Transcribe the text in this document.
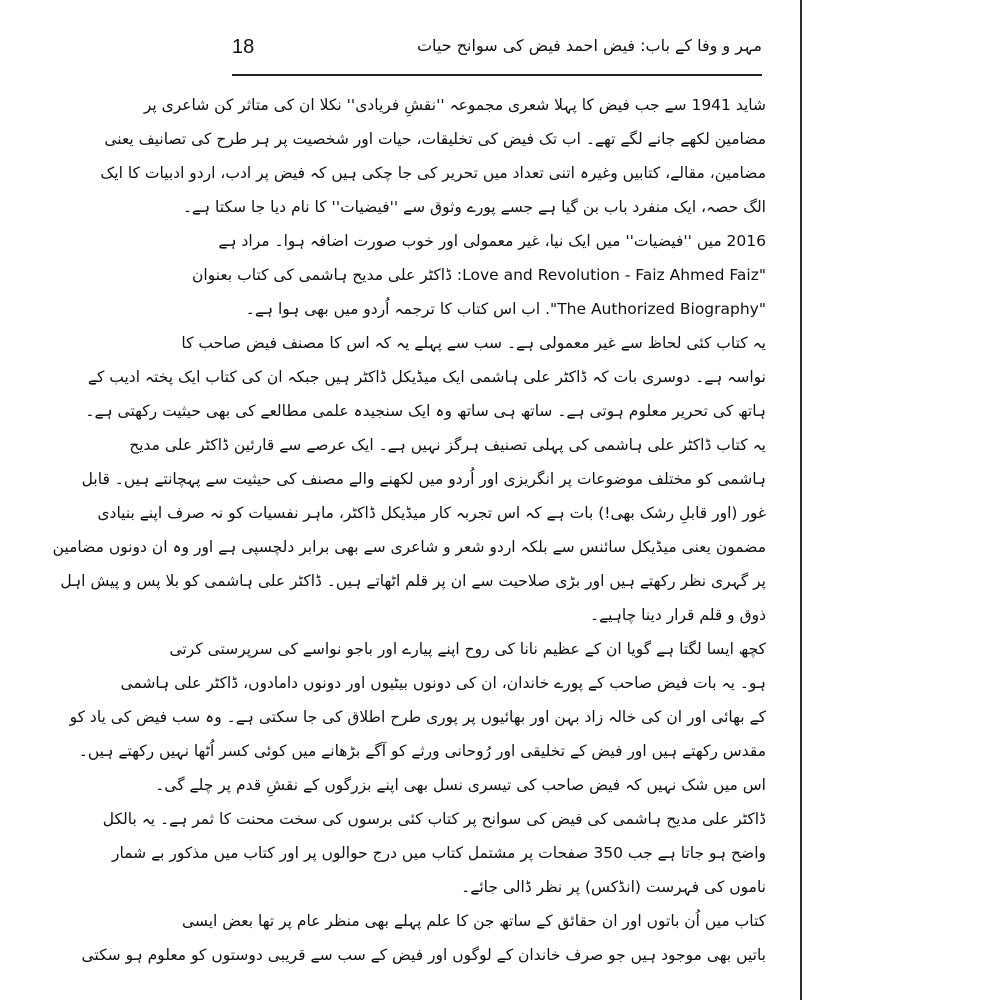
18	مہر و وفا کے باب: فیض احمد فیض کی سوانح حیات
شاید 1941 سے جب فیض کا پہلا شعری مجموعہ ''نقشِ فریادی'' نکلا ان کی متاثر کن شاعری پر
مضامین لکھے جانے لگے تھے۔ اب تک فیض کی تخلیقات، حیات اور شخصیت پر ہر طرح کی تصانیف یعنی
مضامین، مقالے، کتابیں وغیرہ اتنی تعداد میں تحریر کی جا چکی ہیں کہ فیض پر ادب، اردو ادبیات کا ایک
الگ حصہ، ایک منفرد باب بن گیا ہے جسے پورے وثوق سے ''فیضیات'' کا نام دیا جا سکتا ہے۔
2016 میں ''فیضیات'' میں ایک نیا، غیر معمولی اور خوب صورت اضافہ ہوا۔ مراد ہے
"Love and Revolution - Faiz Ahmed Faiz: ڈاکٹر علی مدیح ہاشمی کی کتاب بعنوان
"The Authorized Biography". اب اس کتاب کا ترجمہ اُردو میں بھی ہوا ہے۔
یہ کتاب کئی لحاظ سے غیر معمولی ہے۔ سب سے پہلے یہ کہ اس کا مصنف فیض صاحب کا
نواسہ ہے۔ دوسری بات کہ ڈاکٹر علی ہاشمی ایک میڈیکل ڈاکٹر ہیں جبکہ ان کی کتاب ایک پختہ ادیب کے
ہاتھ کی تحریر معلوم ہوتی ہے۔ ساتھ ہی ساتھ وہ ایک سنجیدہ علمی مطالعے کی بھی حیثیت رکھتی ہے۔
یہ کتاب ڈاکٹر علی ہاشمی کی پہلی تصنیف ہرگز نہیں ہے۔ ایک عرصے سے قارئین ڈاکٹر علی مدیح
ہاشمی کو مختلف موضوعات پر انگریزی اور اُردو میں لکھنے والے مصنف کی حیثیت سے پہچانتے ہیں۔ قابل
غور (اور قابلِ رشک بھی!) بات ہے کہ اس تجربہ کار میڈیکل ڈاکٹر، ماہر نفسیات کو نہ صرف اپنے بنیادی
مضمون یعنی میڈیکل سائنس سے بلکہ اردو شعر و شاعری سے بھی برابر دلچسپی ہے اور وہ ان دونوں مضامین
پر گہری نظر رکھتے ہیں اور بڑی صلاحیت سے ان پر قلم اٹھاتے ہیں۔ ڈاکٹر علی ہاشمی کو بلا پس و پیش اہل
ذوق و قلم قرار دینا چاہیے۔
کچھ ایسا لگتا ہے گویا ان کے عظیم نانا کی روح اپنے پیارے اور باجو نواسے کی سرپرستی کرتی
ہو۔ یہ بات فیض صاحب کے پورے خاندان، ان کی دونوں بیٹیوں اور دونوں دامادوں، ڈاکٹر علی ہاشمی
کے بھائی اور ان کی خالہ زاد بہن اور بھائیوں پر پوری طرح اطلاق کی جا سکتی ہے۔ وہ سب فیض کی یاد کو
مقدس رکھتے ہیں اور فیض کے تخلیقی اور رُوحانی ورثے کو آگے بڑھانے میں کوئی کسر اُٹھا نہیں رکھتے ہیں۔
اس میں شک نہیں کہ فیض صاحب کی تیسری نسل بھی اپنے بزرگوں کے نقشِ قدم پر چلے گی۔
ڈاکٹر علی مدیح ہاشمی کی فیض کی سوانح پر کتاب کئی برسوں کی سخت محنت کا ثمر ہے۔ یہ بالکل
واضح ہو جاتا ہے جب 350 صفحات پر مشتمل کتاب میں درج حوالوں پر اور کتاب میں مذکور بے شمار
ناموں کی فہرست (انڈکس) پر نظر ڈالی جائے۔
کتاب میں اُن باتوں اور ان حقائق کے ساتھ جن کا علم پہلے بھی منظر عام پر تھا بعض ایسی
باتیں بھی موجود ہیں جو صرف خاندان کے لوگوں اور فیض کے سب سے قریبی دوستوں کو معلوم ہو سکتی
